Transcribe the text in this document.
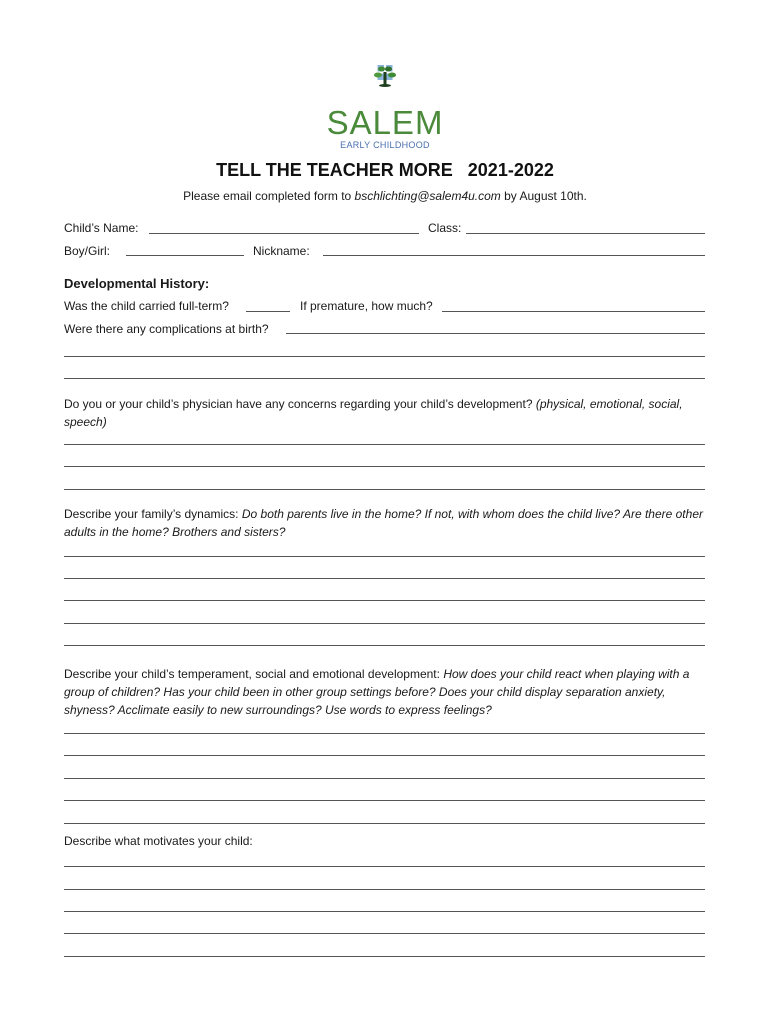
SALEM
EARLY CHILDHOOD
TELL THE TEACHER MORE   2021-2022
Please email completed form to bschlichting@salem4u.com by August 10th.
Child’s Name:	Class:
Boy/Girl:	Nickname:
Developmental History:
Was the child carried full-term?	If premature, how much?
Were there any complications at birth?
Do you or your child’s physician have any concerns regarding your child’s development? (physical, emotional, social, speech)
Describe your family’s dynamics: Do both parents live in the home? If not, with whom does the child live? Are there other adults in the home? Brothers and sisters?
Describe your child’s temperament, social and emotional development: How does your child react when playing with a group of children? Has your child been in other group settings before? Does your child display separation anxiety, shyness? Acclimate easily to new surroundings? Use words to express feelings?
Describe what motivates your child:
